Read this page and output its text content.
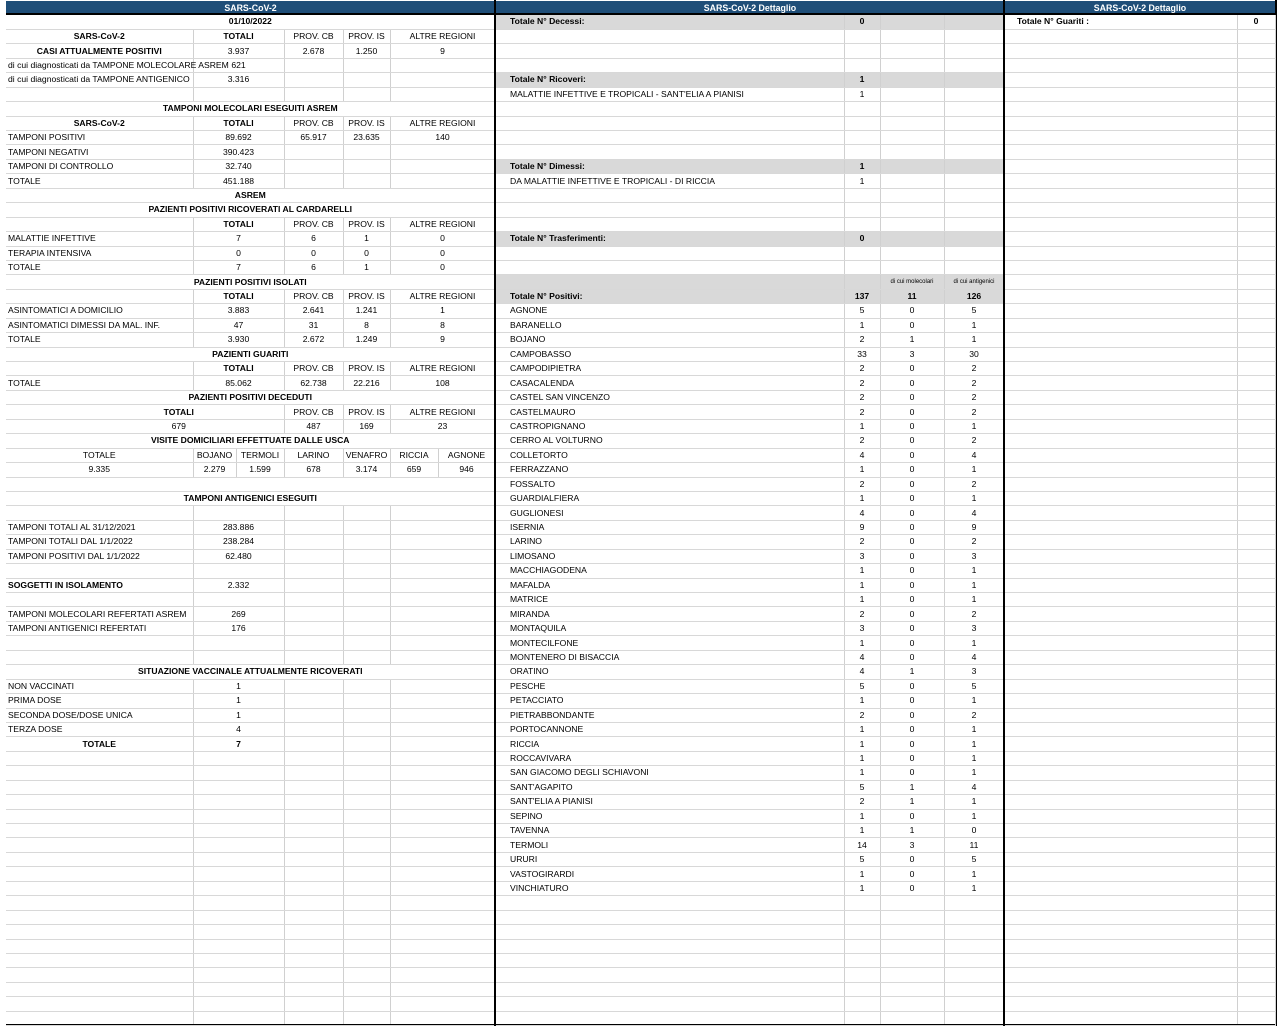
SARS-CoV-2
01/10/2022						
SARS-CoV-2	TOTALI		PROV. CB	PROV. IS	ALTRE REGIONI	
CASI ATTUALMENTE POSITIVI	3.937		2.678	1.250	9	
di cui diagnosticati da TAMPONE MOLECOLARE ASREM	621					
di cui diagnosticati da TAMPONE ANTIGENICO	3.316					

TAMPONI MOLECOLARI ESEGUITI ASREM						
SARS-CoV-2	TOTALI		PROV. CB	PROV. IS	ALTRE REGIONI	
TAMPONI POSITIVI	89.692		65.917	23.635	140	
TAMPONI NEGATIVI	390.423					
TAMPONI DI CONTROLLO	32.740					
TOTALE	451.188					
ASREM						
PAZIENTI POSITIVI RICOVERATI AL CARDARELLI						
	TOTALI		PROV. CB	PROV. IS	ALTRE REGIONI	
MALATTIE INFETTIVE	7		6	1	0	
TERAPIA INTENSIVA	0		0	0	0	
TOTALE	7		6	1	0	
PAZIENTI POSITIVI ISOLATI						
	TOTALI		PROV. CB	PROV. IS	ALTRE REGIONI	
ASINTOMATICI A DOMICILIO	3.883		2.641	1.241	1	
ASINTOMATICI DIMESSI DA MAL. INF.	47		31	8	8	
TOTALE	3.930		2.672	1.249	9	
PAZIENTI GUARITI						
	TOTALI		PROV. CB	PROV. IS	ALTRE REGIONI	
TOTALE	85.062		62.738	22.216	108	
PAZIENTI POSITIVI DECEDUTI						
TOTALI			PROV. CB	PROV. IS	ALTRE REGIONI	
679			487	169	23	
VISITE DOMICILIARI EFFETTUATE DALLE USCA						
TOTALE	BOJANO	TERMOLI	LARINO	VENAFRO	RICCIA	AGNONE
9.335	2.279	1.599	678	3.174	659	946

TAMPONI ANTIGENICI ESEGUITI						

TAMPONI TOTALI AL 31/12/2021	283.886					
TAMPONI TOTALI DAL 1/1/2022	238.284					
TAMPONI POSITIVI DAL 1/1/2022	62.480					

SOGGETTI IN ISOLAMENTO	2.332					

TAMPONI MOLECOLARI REFERTATI ASREM	269					
TAMPONI ANTIGENICI REFERTATI	176					

SITUAZIONE VACCINALE ATTUALMENTE RICOVERATI						
NON VACCINATI	1					
PRIMA DOSE	1					
SECONDA DOSE/DOSE UNICA	1					
TERZA DOSE	4					
TOTALE	7					

SARS-CoV-2 Dettaglio
Totale N° Decessi:	0		

Totale N° Ricoveri:	1		
MALATTIE INFETTIVE E TROPICALI - SANT'ELIA A PIANISI	1		

Totale N° Dimessi:	1		
DA MALATTIE INFETTIVE E TROPICALI - DI RICCIA	1		

Totale N° Trasferimenti:	0		

		di cui molecolari	di cui antigenici
Totale N° Positivi:	137	11	126
AGNONE	5	0	5
BARANELLO	1	0	1
BOJANO	2	1	1
CAMPOBASSO	33	3	30
CAMPODIPIETRA	2	0	2
CASACALENDA	2	0	2
CASTEL SAN VINCENZO	2	0	2
CASTELMAURO	2	0	2
CASTROPIGNANO	1	0	1
CERRO AL VOLTURNO	2	0	2
COLLETORTO	4	0	4
FERRAZZANO	1	0	1
FOSSALTO	2	0	2
GUARDIALFIERA	1	0	1
GUGLIONESI	4	0	4
ISERNIA	9	0	9
LARINO	2	0	2
LIMOSANO	3	0	3
MACCHIAGODENA	1	0	1
MAFALDA	1	0	1
MATRICE	1	0	1
MIRANDA	2	0	2
MONTAQUILA	3	0	3
MONTECILFONE	1	0	1
MONTENERO DI BISACCIA	4	0	4
ORATINO	4	1	3
PESCHE	5	0	5
PETACCIATO	1	0	1
PIETRABBONDANTE	2	0	2
PORTOCANNONE	1	0	1
RICCIA	1	0	1
ROCCAVIVARA	1	0	1
SAN GIACOMO DEGLI SCHIAVONI	1	0	1
SANT'AGAPITO	5	1	4
SANT'ELIA A PIANISI	2	1	1
SEPINO	1	0	1
TAVENNA	1	1	0
TERMOLI	14	3	11
URURI	5	0	5
VASTOGIRARDI	1	0	1
VINCHIATURO	1	0	1

SARS-CoV-2 Dettaglio
Totale N° Guariti :	0
